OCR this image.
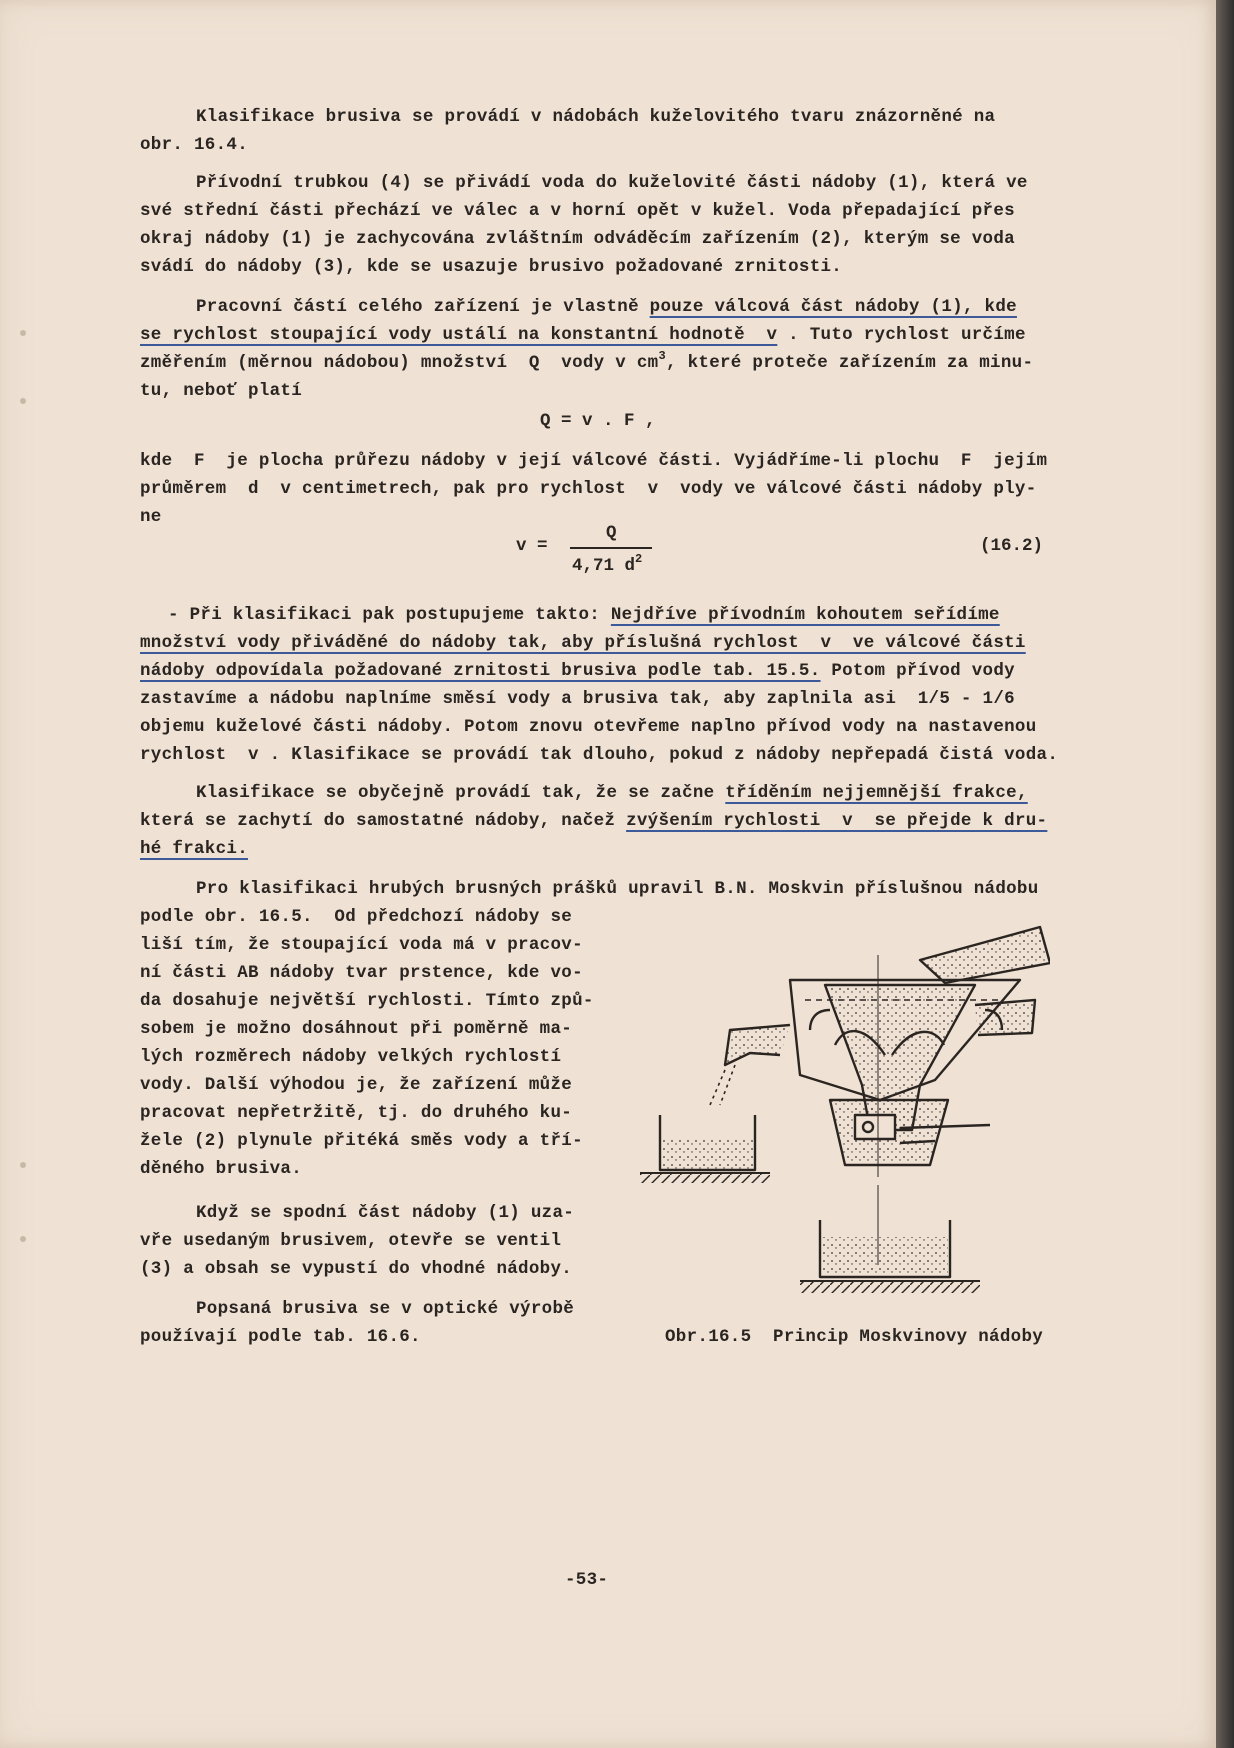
Klasifikace brusiva se provádí v nádobách kuželovitého tvaru znázorněné na

obr. 16.4.

Přívodní trubkou (4) se přivádí voda do kuželovité části nádoby (1), která ve

své střední části přechází ve válec a v horní opět v kužel. Voda přepadající přes

okraj nádoby (1) je zachycována zvláštním odváděcím zařízením (2), kterým se voda

svádí do nádoby (3), kde se usazuje brusivo požadované zrnitosti.

Pracovní částí celého zařízení je vlastně pouze válcová část nádoby (1), kde

se rychlost stoupající vody ustálí na konstantní hodnotě  v . Tuto rychlost určíme

změřením (měrnou nádobou) množství  Q  vody v $cm^3$, které proteče zařízením za minu-

tu, neboť platí

Q = v . F ,

kde  F  je plocha průřezu nádoby v její válcové části. Vyjádříme-li plochu  F  jejím

průměrem  d  v centimetrech, pak pro rychlost  v  vody ve válcové části nádoby ply-

ne

v =
Q
4,71 $d^2$
(16.2)

- Při klasifikaci pak postupujeme takto: Nejdříve přívodním kohoutem seřídíme

množství vody přiváděné do nádoby tak, aby příslušná rychlost  v  ve válcové části

nádoby odpovídala požadované zrnitosti brusiva podle tab. 15.5. Potom přívod vody

zastavíme a nádobu naplníme směsí vody a brusiva tak, aby zaplnila asi  1/5 - 1/6

objemu kuželové části nádoby. Potom znovu otevřeme naplno přívod vody na nastavenou

rychlost  v . Klasifikace se provádí tak dlouho, pokud z nádoby nepřepadá čistá voda.

Klasifikace se obyčejně provádí tak, že se začne tříděním nejjemnější frakce,

která se zachytí do samostatné nádoby, načež zvýšením rychlosti  v  se přejde k dru-

hé frakci.

Pro klasifikaci hrubých brusných prášků upravil B.N. Moskvin příslušnou nádobu

podle obr. 16.5.  Od předchozí nádoby se

liší tím, že stoupající voda má v pracov-

ní části AB nádoby tvar prstence, kde vo-

da dosahuje největší rychlosti. Tímto způ-

sobem je možno dosáhnout při poměrně ma-

lých rozměrech nádoby velkých rychlostí

vody. Další výhodou je, že zařízení může

pracovat nepřetržitě, tj. do druhého ku-

žele (2) plynule přitéká směs vody a tří-

děného brusiva.

Když se spodní část nádoby (1) uza-

vře usedaným brusivem, otevře se ventil

(3) a obsah se vypustí do vhodné nádoby.

Popsaná brusiva se v optické výrobě

používají podle tab. 16.6.

	Obr.16.5  Princip Moskvinovy nádoby
-53-
